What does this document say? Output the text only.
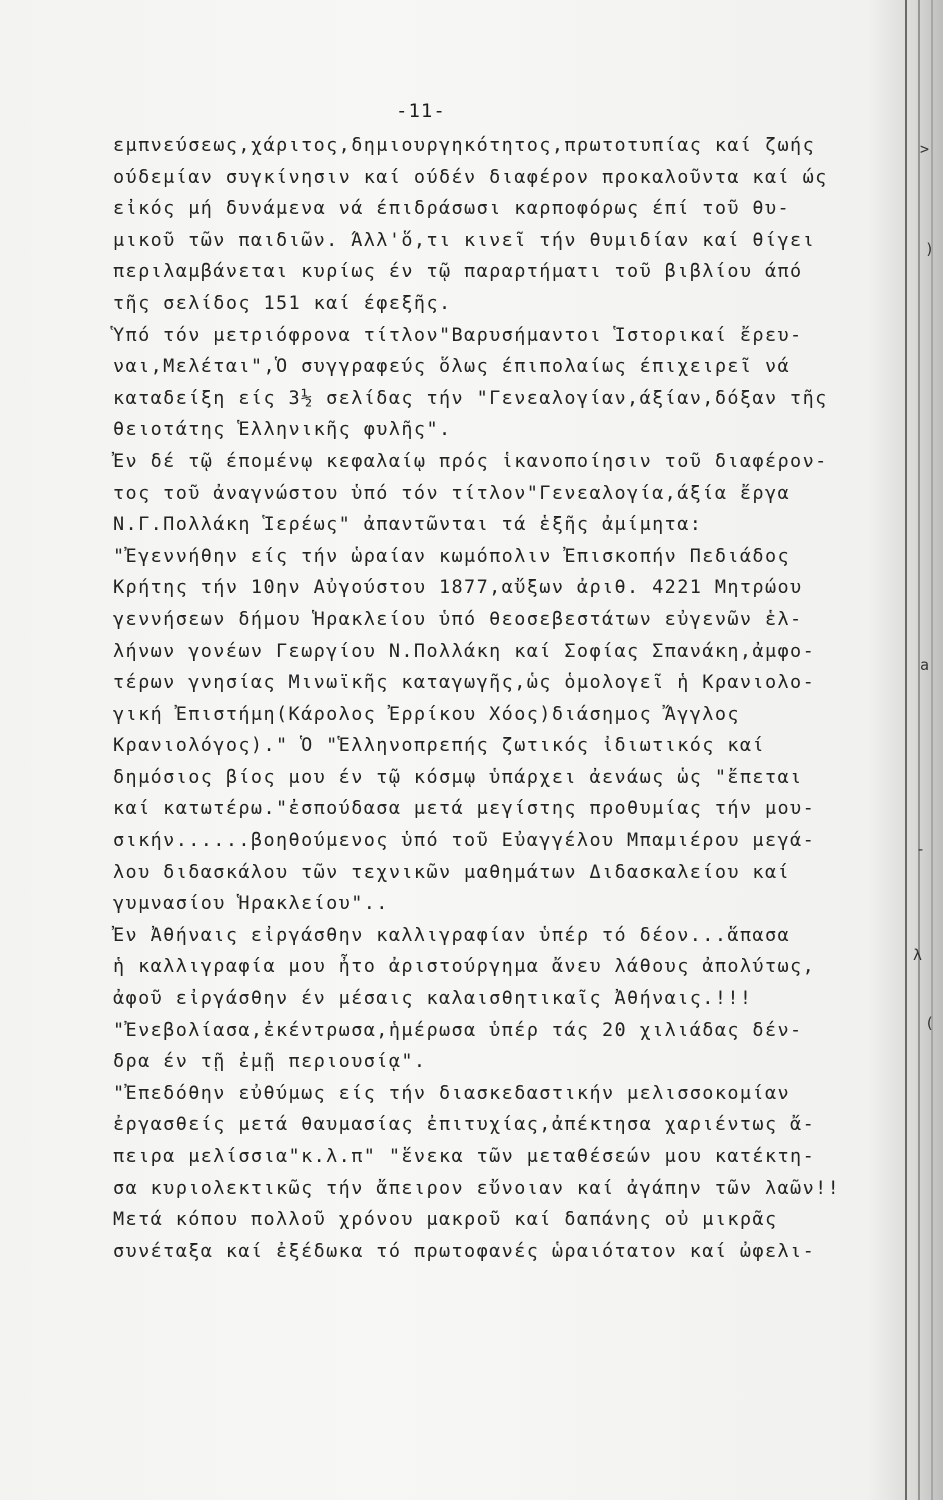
-11-
εμπνεύσεως,χάριτος,δημιουργηκότητος,πρωτοτυπίας καί ζωής
ούδεμίαν συγκίνησιν καί ούδέν διαφέρον προκαλοῦντα καί ώς
εἰκός μή δυνάμενα νά έπιδράσωσι καρποφόρως έπί τοῦ θυ-
μικοῦ τῶν παιδιῶν. Άλλ'ὅ,τι κινεῖ τήν θυμιδίαν καί θίγει
περιλαμβάνεται κυρίως έν τῷ παραρτήματι τοῦ βιβλίου άπό
τῆς σελίδος 151 καί έφεξῆς.
Ὑπό τόν μετριόφρονα τίτλον"Βαρυσήμαντοι Ἱστορικαί ἔρευ-
ναι,Μελέται",Ὁ συγγραφεύς ὅλως έπιπολαίως έπιχειρεῖ νά
καταδείξη είς 3½ σελίδας τήν "Γενεαλογίαν,άξίαν,δόξαν τῆς
θειοτάτης Ἑλληνικῆς φυλῆς".
Ἐν δέ τῷ έπομένῳ κεφαλαίῳ πρός ἱκανοποίησιν τοῦ διαφέρον-
τος τοῦ ἀναγνώστου ὑπό τόν τίτλον"Γενεαλογία,άξία ἔργα
Ν.Γ.Πολλάκη Ἱερέως" ἀπαντῶνται τά ἑξῆς ἀμίμητα:
"Ἐγεννήθην είς τήν ὡραίαν κωμόπολιν Ἐπισκοπήν Πεδιάδος
Κρήτης τήν 10ην Αὐγούστου 1877,αὔξων ἀριθ. 4221 Μητρώου
γεννήσεων δήμου Ἡρακλείου ὑπό θεοσεβεστάτων εὐγενῶν ἑλ-
λήνων γονέων Γεωργίου Ν.Πολλάκη καί Σοφίας Σπανάκη,ἀμφο-
τέρων γνησίας Μινωϊκῆς καταγωγῆς,ὡς ὁμολογεῖ ἡ Κρανιολο-
γική Ἐπιστήμη(Κάρολος Ἐρρίκου Χόος)διάσημος Ἄγγλος
Κρανιολόγος)." Ὁ "Ἑλληνοπρεπής ζωτικός ἰδιωτικός καί
δημόσιος βίος μου έν τῷ κόσμῳ ὑπάρχει ἀενάως ὡς "ἔπεται
καί κατωτέρω."ἐσπούδασα μετά μεγίστης προθυμίας τήν μου-
σικήν......βοηθούμενος ὑπό τοῦ Εὐαγγέλου Μπαμιέρου μεγά-
λου διδασκάλου τῶν τεχνικῶν μαθημάτων Διδασκαλείου καί
γυμνασίου Ἡρακλείου"..
Ἐν Ἀθήναις εἰργάσθην καλλιγραφίαν ὑπέρ τό δέον...ἅπασα
ἡ καλλιγραφία μου ἦτο ἀριστούργημα ἄνευ λάθους ἀπολύτως,
ἀφοῦ εἰργάσθην έν μέσαις καλαισθητικαῖς Ἀθήναις.!!!
"Ἐνεβολίασα,ἐκέντρωσα,ἡμέρωσα ὑπέρ τάς 20 χιλιάδας δέν-
δρα έν τῇ ἐμῇ περιουσίᾳ".
"Ἐπεδόθην εὐθύμως είς τήν διασκεδαστικήν μελισσοκομίαν
ἐργασθείς μετά θαυμασίας ἐπιτυχίας,ἀπέκτησα χαριέντως ἄ-
πειρα μελίσσια"κ.λ.π" "ἕνεκα τῶν μεταθέσεών μου κατέκτη-
σα κυριολεκτικῶς τήν ἄπειρον εὔνοιαν καί ἀγάπην τῶν λαῶν!!
Μετά κόπου πολλοῦ χρόνου μακροῦ καί δαπάνης οὐ μικρᾶς
συνέταξα καί ἐξέδωκα τό πρωτοφανές ὡραιότατον καί ὠφελι-
>
)
a
λ
(
-
